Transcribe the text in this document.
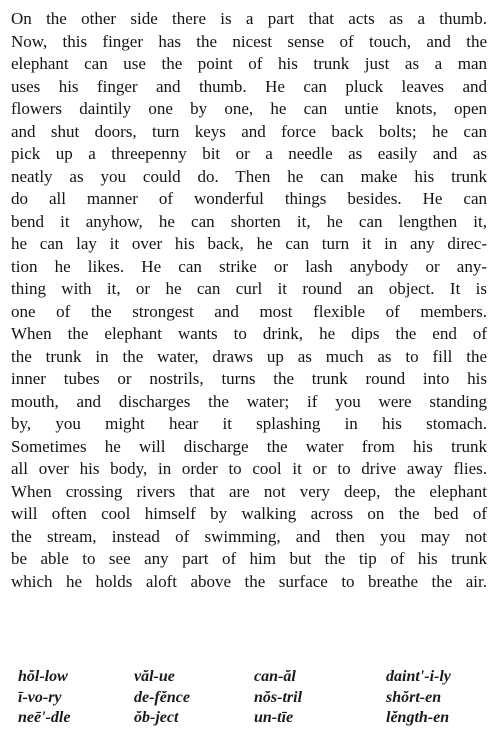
On the other side there is a part that acts as a thumb.
Now, this finger has the nicest sense of touch, and the
elephant can use the point of his trunk just as a man
uses his finger and thumb. He can pluck leaves and
flowers daintily one by one, he can untie knots, open
and shut doors, turn keys and force back bolts; he can
pick up a threepenny bit or a needle as easily and as
neatly as you could do. Then he can make his trunk
do all manner of wonderful things besides. He can
bend it anyhow, he can shorten it, he can lengthen it,
he can lay it over his back, he can turn it in any direc-
tion he likes. He can strike or lash anybody or any-
thing with it, or he can curl it round an object. It is
one of the strongest and most flexible of members.
When the elephant wants to drink, he dips the end of
the trunk in the water, draws up as much as to fill the
inner tubes or nostrils, turns the trunk round into his
mouth, and discharges the water; if you were standing
by, you might hear it splashing in his stomach.
Sometimes he will discharge the water from his trunk
all over his body, in order to cool it or to drive away flies.
When crossing rivers that are not very deep, the elephant
will often cool himself by walking across on the bed of
the stream, instead of swimming, and then you may not
be able to see any part of him but the tip of his trunk
which he holds aloft above the surface to breathe the air.
hŏl-low	văl-ue	can-ăl	daint'-i-ly
ī-vo-ry	de-fĕnce	nŏs-tril	shŏrt-en
neē'-dle	ŏb-ject	un-tīe	lĕngth-en
